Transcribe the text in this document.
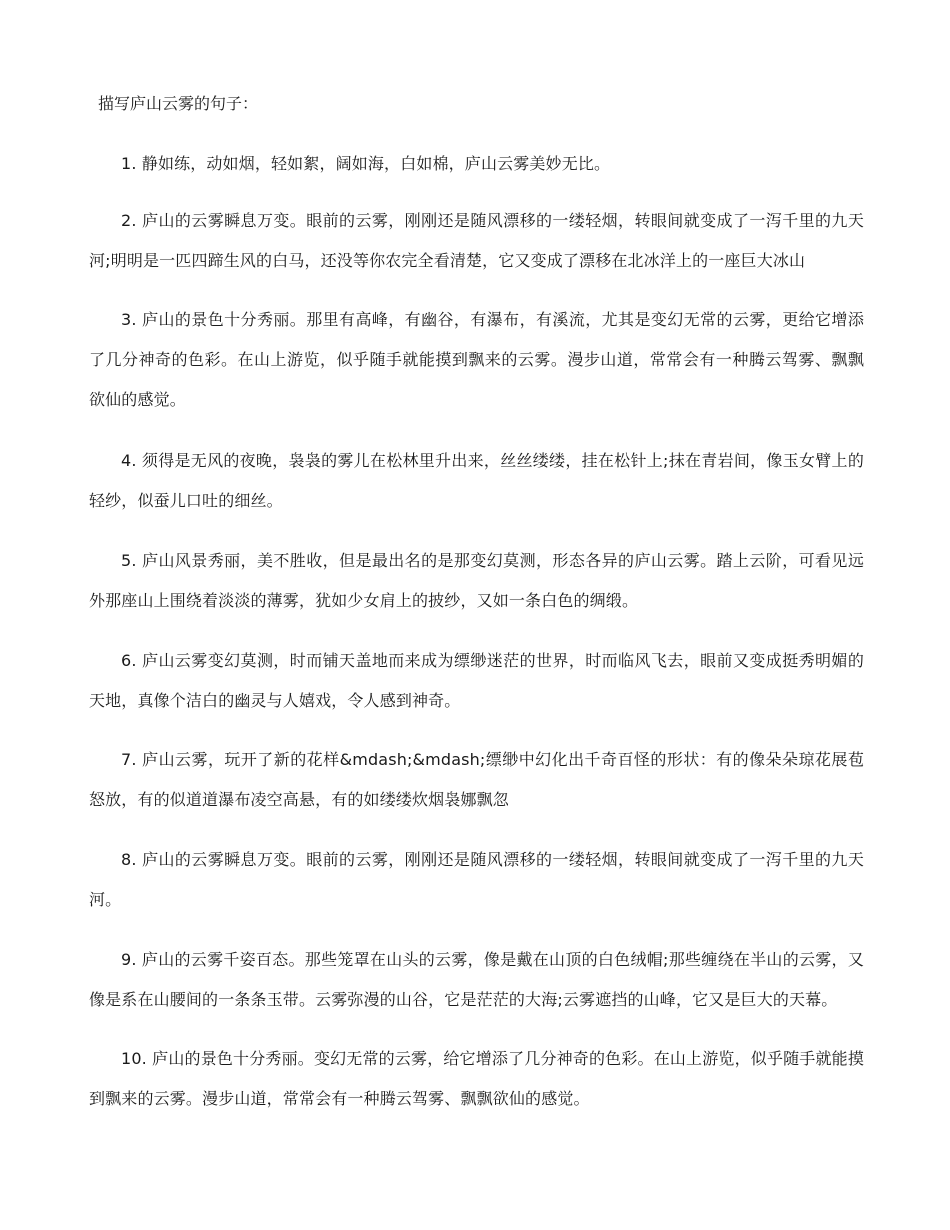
描写庐山云雾的句子：
1. 静如练，动如烟，轻如絮，阔如海，白如棉，庐山云雾美妙无比。
2. 庐山的云雾瞬息万变。眼前的云雾，刚刚还是随风漂移的一缕轻烟，转眼间就变成了一泻千里的九天河;明明是一匹四蹄生风的白马，还没等你农完全看清楚，它又变成了漂移在北冰洋上的一座巨大冰山
3. 庐山的景色十分秀丽。那里有高峰，有幽谷，有瀑布，有溪流，尤其是变幻无常的云雾，更给它增添了几分神奇的色彩。在山上游览，似乎随手就能摸到飘来的云雾。漫步山道，常常会有一种腾云驾雾、飘飘欲仙的感觉。
4. 须得是无风的夜晚，袅袅的雾儿在松林里升出来，丝丝缕缕，挂在松针上;抹在青岩间，像玉女臂上的轻纱，似蚕儿口吐的细丝。
5. 庐山风景秀丽，美不胜收，但是最出名的是那变幻莫测，形态各异的庐山云雾。踏上云阶，可看见远外那座山上围绕着淡淡的薄雾，犹如少女肩上的披纱，又如一条白色的绸缎。
6. 庐山云雾变幻莫测，时而铺天盖地而来成为缥缈迷茫的世界，时而临风飞去，眼前又变成挺秀明媚的天地，真像个洁白的幽灵与人嬉戏，令人感到神奇。
7. 庐山云雾，玩开了新的花样&mdash;&mdash;缥缈中幻化出千奇百怪的形状：有的像朵朵琼花展苞怒放，有的似道道瀑布凌空高悬，有的如缕缕炊烟袅娜飘忽
8. 庐山的云雾瞬息万变。眼前的云雾，刚刚还是随风漂移的一缕轻烟，转眼间就变成了一泻千里的九天河。
9. 庐山的云雾千姿百态。那些笼罩在山头的云雾，像是戴在山顶的白色绒帽;那些缠绕在半山的云雾，又像是系在山腰间的一条条玉带。云雾弥漫的山谷，它是茫茫的大海;云雾遮挡的山峰，它又是巨大的天幕。
10. 庐山的景色十分秀丽。变幻无常的云雾，给它增添了几分神奇的色彩。在山上游览，似乎随手就能摸到飘来的云雾。漫步山道，常常会有一种腾云驾雾、飘飘欲仙的感觉。
